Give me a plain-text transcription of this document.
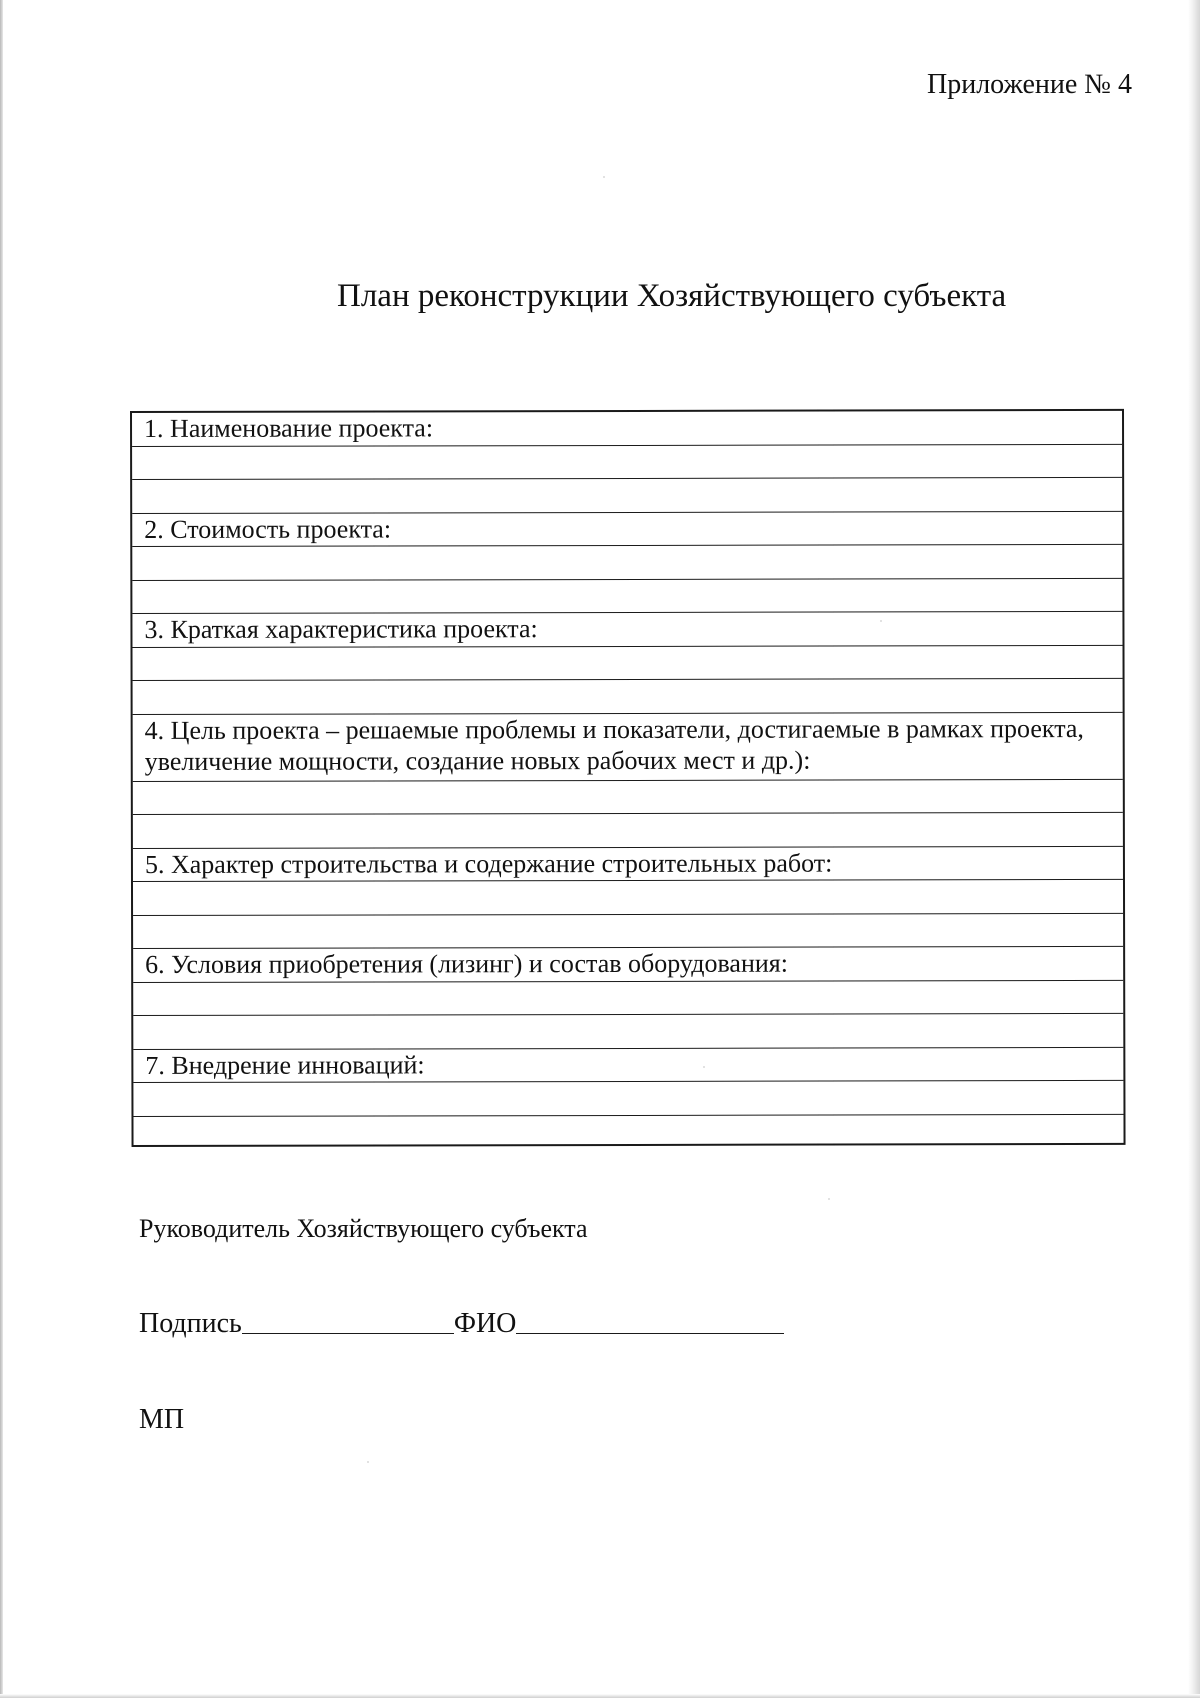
Приложение № 4
План реконструкции Хозяйствующего субъекта
1. Наименование проекта:
2. Стоимость проекта:
3. Краткая характеристика проекта:
4. Цель проекта – решаемые проблемы и показатели, достигаемые в рамках проекта, увеличение мощности, создание новых рабочих мест и др.):
5. Характер строительства и содержание строительных работ:
6. Условия приобретения (лизинг) и состав оборудования:
7. Внедрение инноваций:
Руководитель Хозяйствующего субъекта
Подпись	ФИО
МП
